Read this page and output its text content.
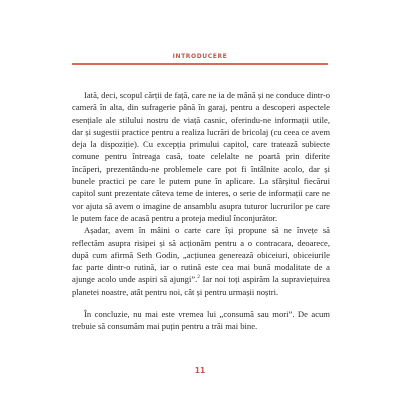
INTRODUCERE

Iată, deci, scopul cărții de față, care ne ia de mână și ne conduce dintr-o cameră în alta, din sufragerie până în garaj, pentru a descoperi aspectele esențiale ale stilului nostru de viață casnic, oferindu-ne informații utile, dar și sugestii practice pentru a realiza lucrări de bricolaj (cu ceea ce avem deja la dispoziție). Cu excepția primului capitol, care tratează subiecte comune pentru întreaga casă, toate celelalte ne poartă prin diferite încăperi, prezentându-ne problemele care pot fi întâlnite acolo, dar și bunele practici pe care le putem pune în aplicare. La sfârșitul fiecărui capitol sunt prezentate câteva teme de interes, o serie de informații care ne vor ajuta să avem o imagine de ansamblu asupra tuturor lucrurilor pe care le putem face de acasă pentru a proteja mediul înconjurător.

Așadar, avem în mâini o carte care își propune să ne învețe să reflectăm asupra risipei și să acționăm pentru a o contracara, deoarece, după cum afirmă Seth Godin, „acțiunea generează obiceiuri, obiceiurile fac parte dintr-o rutină, iar o rutină este cea mai bună modalitate de a ajunge acolo unde aspiri să ajungi”.$^2$ Iar noi toți aspirăm la supraviețuirea planetei noastre, atât pentru noi, cât și pentru urmașii noștri.

În concluzie, nu mai este vremea lui „consumă sau mori”. De acum trebuie să consumăm mai puțin pentru a trăi mai bine.

11
